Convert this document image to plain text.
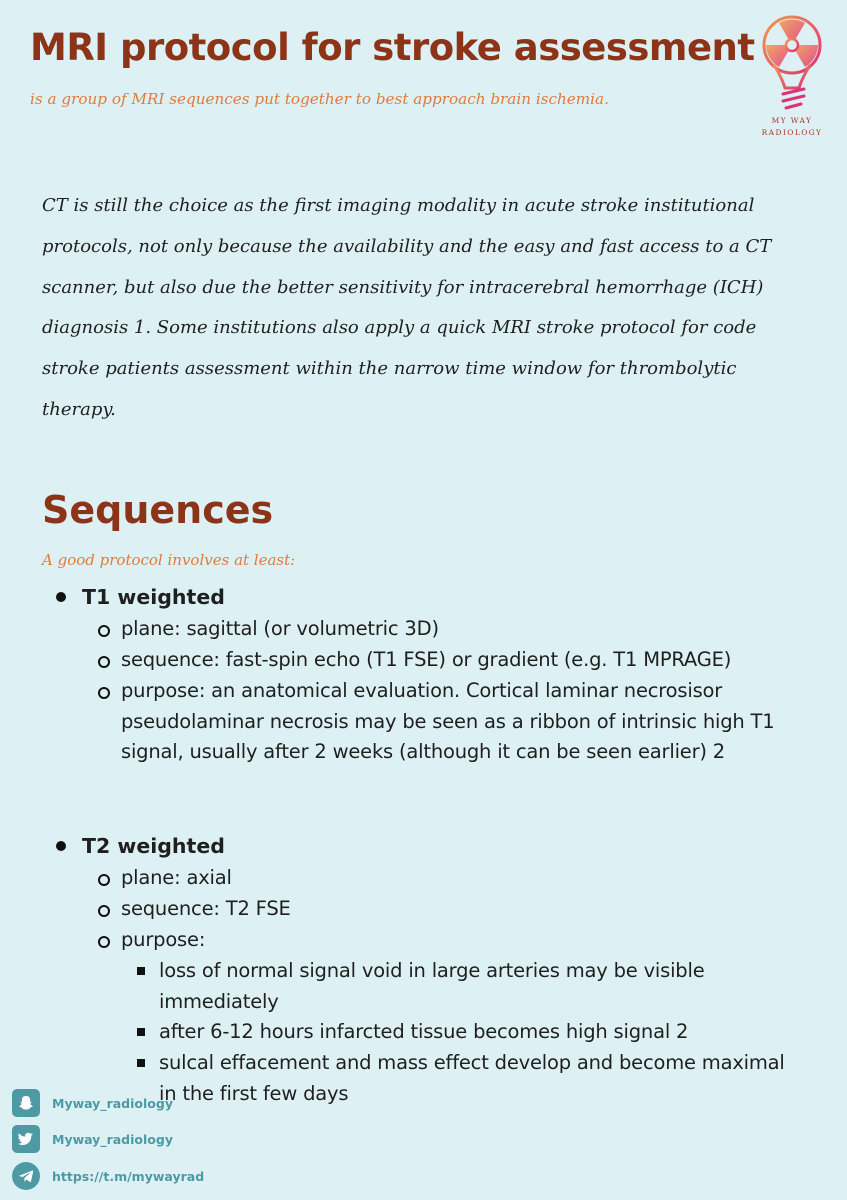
MRI protocol for stroke assessment

is a group of MRI sequences put together to best approach brain ischemia.

MY WAY
RADIOLOGY

CT is still the choice as the first imaging modality in acute stroke institutional protocols, not only because the availability and the easy and fast access to a CT scanner, but also due the better sensitivity for intracerebral hemorrhage (ICH) diagnosis 1. Some institutions also apply a quick MRI stroke protocol for code stroke patients assessment within the narrow time window for thrombolytic therapy.

Sequences

A good protocol involves at least:

T1 weighted
plane: sagittal (or volumetric 3D)
sequence: fast-spin echo (T1 FSE) or gradient (e.g. T1 MPRAGE)
purpose: an anatomical evaluation. Cortical laminar necrosisor pseudolaminar necrosis may be seen as a ribbon of intrinsic high T1 signal, usually after 2 weeks (although it can be seen earlier) 2
T2 weighted
plane: axial
sequence: T2 FSE
purpose:
loss of normal signal void in large arteries may be visible immediately
after 6-12 hours infarcted tissue becomes high signal 2
sulcal effacement and mass effect develop and become maximal in the first few days
Myway_radiology
Myway_radiology
https://t.m/mywayrad
